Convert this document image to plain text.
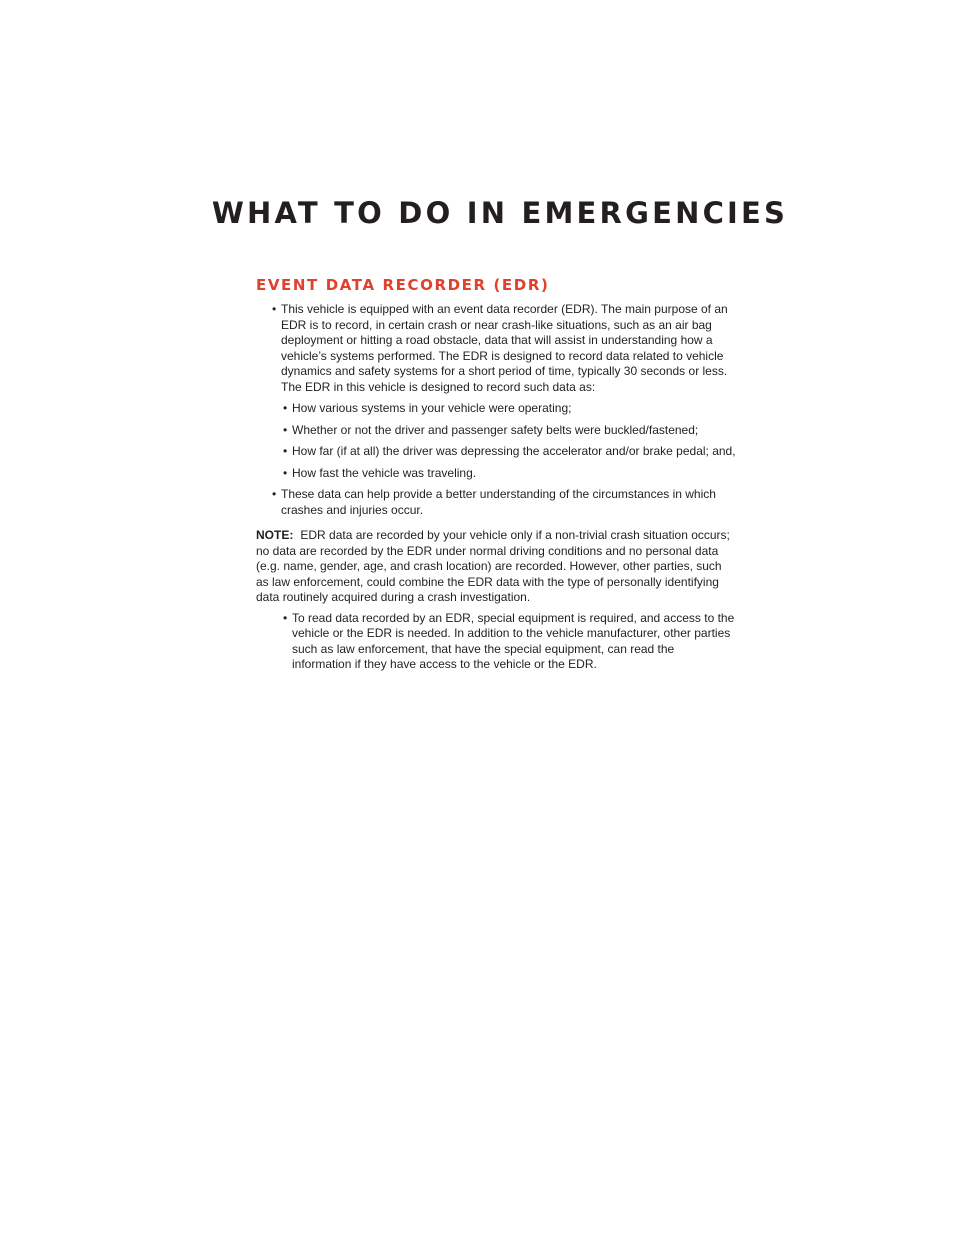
WHAT TO DO IN EMERGENCIES
EVENT DATA RECORDER (EDR)
• This vehicle is equipped with an event data recorder (EDR). The main purpose of an EDR is to record, in certain crash or near crash-like situations, such as an air bag deployment or hitting a road obstacle, data that will assist in understanding how a vehicle’s systems performed. The EDR is designed to record data related to vehicle dynamics and safety systems for a short period of time, typically 30 seconds or less. The EDR in this vehicle is designed to record such data as:
• How various systems in your vehicle were operating;
• Whether or not the driver and passenger safety belts were buckled/fastened;
• How far (if at all) the driver was depressing the accelerator and/or brake pedal; and,
• How fast the vehicle was traveling.
• These data can help provide a better understanding of the circumstances in which crashes and injuries occur.
NOTE: EDR data are recorded by your vehicle only if a non-trivial crash situation occurs; no data are recorded by the EDR under normal driving conditions and no personal data (e.g. name, gender, age, and crash location) are recorded. However, other parties, such as law enforcement, could combine the EDR data with the type of personally identifying data routinely acquired during a crash investigation.
• To read data recorded by an EDR, special equipment is required, and access to the vehicle or the EDR is needed. In addition to the vehicle manufacturer, other parties such as law enforcement, that have the special equipment, can read the information if they have access to the vehicle or the EDR.
